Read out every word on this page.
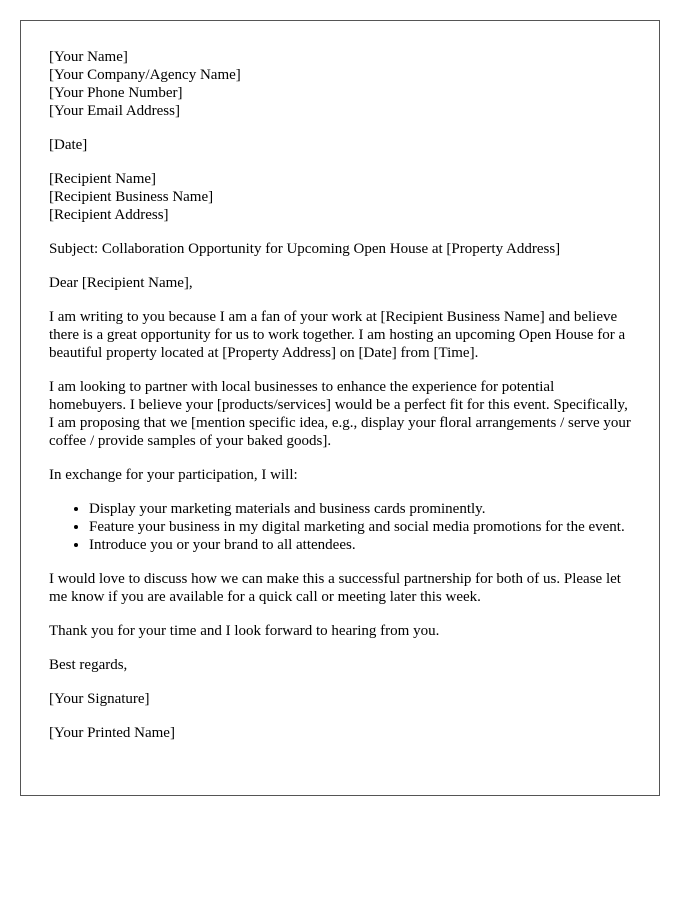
[Your Name]
[Your Company/Agency Name]
[Your Phone Number]
[Your Email Address]

[Date]

[Recipient Name]
[Recipient Business Name]
[Recipient Address]

Subject: Collaboration Opportunity for Upcoming Open House at [Property Address]

Dear [Recipient Name],

I am writing to you because I am a fan of your work at [Recipient Business Name] and believe there is a great opportunity for us to work together. I am hosting an upcoming Open House for a beautiful property located at [Property Address] on [Date] from [Time].

I am looking to partner with local businesses to enhance the experience for potential homebuyers. I believe your [products/services] would be a perfect fit for this event. Specifically, I am proposing that we [mention specific idea, e.g., display your floral arrangements / serve your coffee / provide samples of your baked goods].

In exchange for your participation, I will:

• Display your marketing materials and business cards prominently.
• Feature your business in my digital marketing and social media promotions for the event.
• Introduce you or your brand to all attendees.

I would love to discuss how we can make this a successful partnership for both of us. Please let me know if you are available for a quick call or meeting later this week.

Thank you for your time and I look forward to hearing from you.

Best regards,

[Your Signature]

[Your Printed Name]
